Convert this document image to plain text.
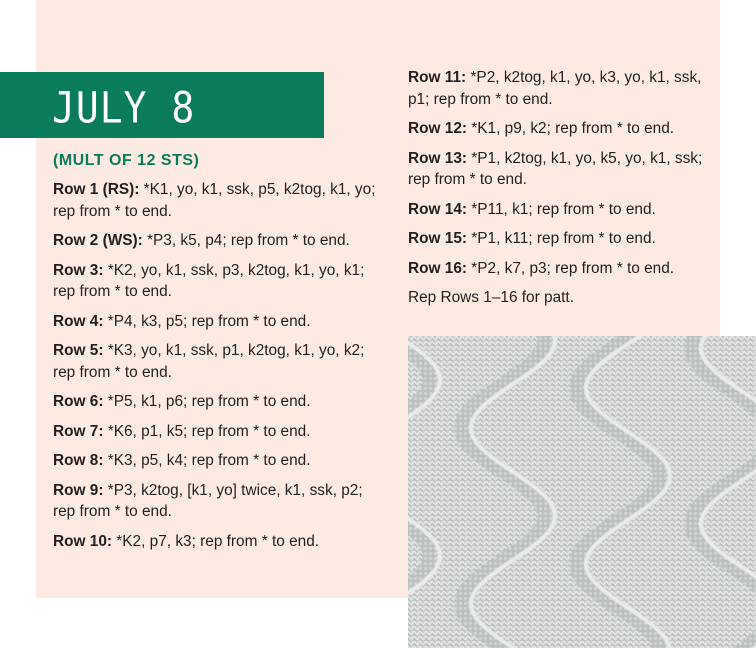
JULY 8
(MULT OF 12 STS)

Row 1 (RS): *K1, yo, k1, ssk, p5, k2tog, k1, yo; rep from * to end.

Row 2 (WS): *P3, k5, p4; rep from * to end.

Row 3: *K2, yo, k1, ssk, p3, k2tog, k1, yo, k1; rep from * to end.

Row 4: *P4, k3, p5; rep from * to end.

Row 5: *K3, yo, k1, ssk, p1, k2tog, k1, yo, k2; rep from * to end.

Row 6: *P5, k1, p6; rep from * to end.

Row 7: *K6, p1, k5; rep from * to end.

Row 8: *K3, p5, k4; rep from * to end.

Row 9: *P3, k2tog, [k1, yo] twice, k1, ssk, p2; rep from * to end.

Row 10: *K2, p7, k3; rep from * to end.

Row 11: *P2, k2tog, k1, yo, k3, yo, k1, ssk, p1; rep from * to end.

Row 12: *K1, p9, k2; rep from * to end.

Row 13: *P1, k2tog, k1, yo, k5, yo, k1, ssk; rep from * to end.

Row 14: *P11, k1; rep from * to end.

Row 15: *P1, k11; rep from * to end.

Row 16: *P2, k7, p3; rep from * to end.

Rep Rows 1–16 for patt.
